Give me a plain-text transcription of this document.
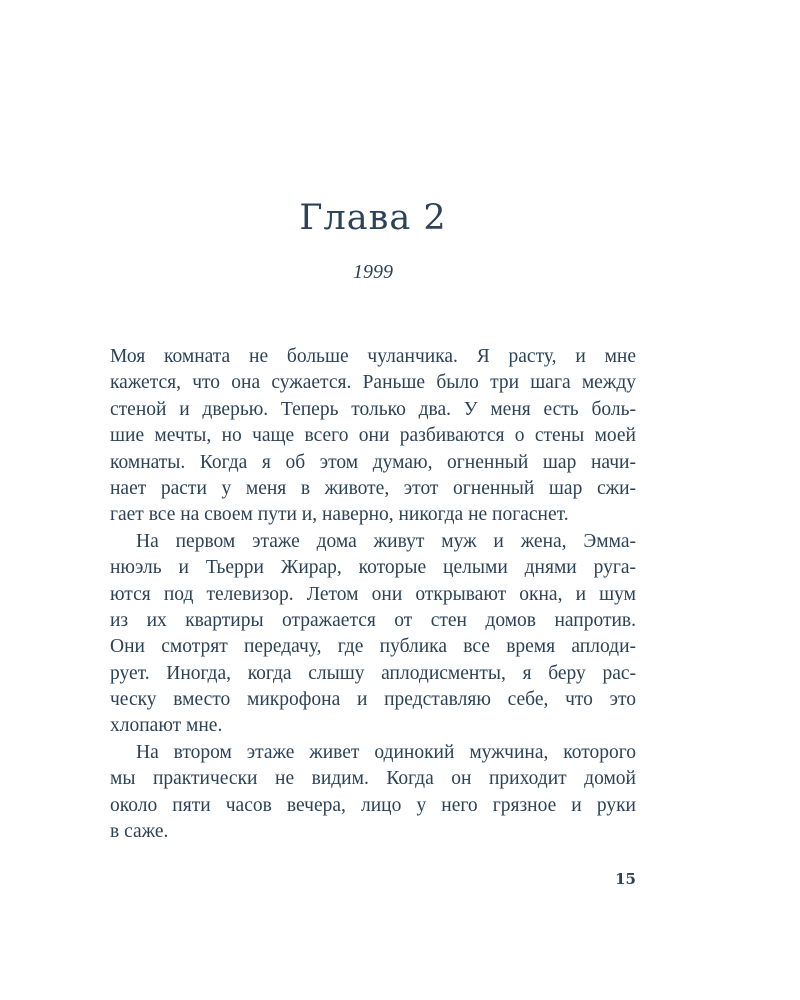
Глава 2

1999

Моя комната не больше чуланчика. Я расту, и мне
кажется, что она сужается. Раньше было три шага между
стеной и дверью. Теперь только два. У меня есть боль-
шие мечты, но чаще всего они разбиваются о стены моей
комнаты. Когда я об этом думаю, огненный шар начи-
нает расти у меня в животе, этот огненный шар сжи-
гает все на своем пути и, наверно, никогда не погаснет.
На первом этаже дома живут муж и жена, Эмма-
нюэль и Тьерри Жирар, которые целыми днями руга-
ются под телевизор. Летом они открывают окна, и шум
из их квартиры отражается от стен домов напротив.
Они смотрят передачу, где публика все время аплоди-
рует. Иногда, когда слышу аплодисменты, я беру рас-
ческу вместо микрофона и представляю себе, что это
хлопают мне.
На втором этаже живет одинокий мужчина, которого
мы практически не видим. Когда он приходит домой
около пяти часов вечера, лицо у него грязное и руки
в саже.
15
